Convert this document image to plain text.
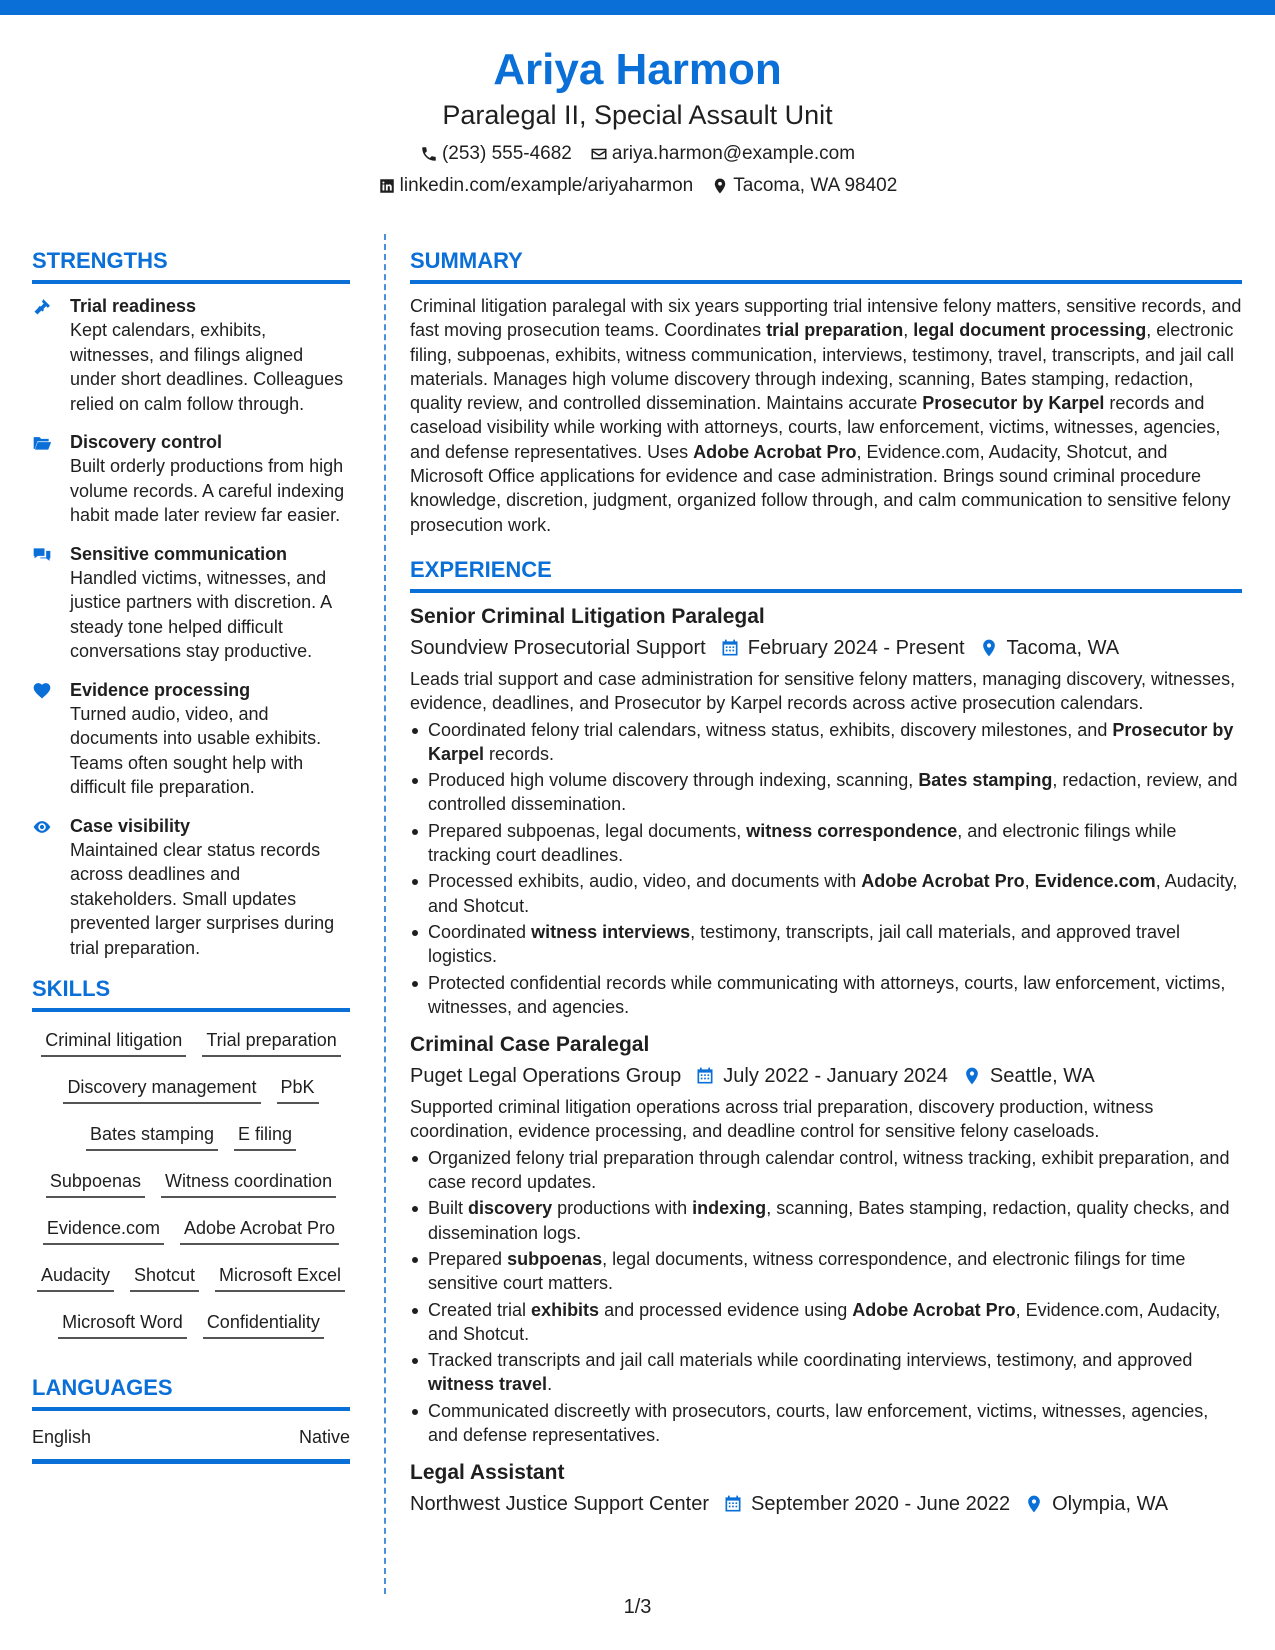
Ariya Harmon
Paralegal II, Special Assault Unit
(253) 555-4682 ariya.harmon@example.com
linkedin.com/example/ariyaharmon Tacoma, WA 98402
STRENGTHS
Trial readiness
Kept calendars, exhibits, witnesses, and filings aligned under short deadlines. Colleagues relied on calm follow through.
Discovery control
Built orderly productions from high volume records. A careful indexing habit made later review far easier.
Sensitive communication
Handled victims, witnesses, and justice partners with discretion. A steady tone helped difficult conversations stay productive.
Evidence processing
Turned audio, video, and documents into usable exhibits. Teams often sought help with difficult file preparation.
Case visibility
Maintained clear status records across deadlines and stakeholders. Small updates prevented larger surprises during trial preparation.
SKILLS
Criminal litigation Trial preparation
Discovery management PbK
Bates stamping E filing
Subpoenas Witness coordination
Evidence.com Adobe Acrobat Pro
Audacity Shotcut Microsoft Excel
Microsoft Word Confidentiality
LANGUAGES
English	Native
SUMMARY
Criminal litigation paralegal with six years supporting trial intensive felony matters, sensitive records, and fast moving prosecution teams. Coordinates trial preparation, legal document processing, electronic filing, subpoenas, exhibits, witness communication, interviews, testimony, travel, transcripts, and jail call materials. Manages high volume discovery through indexing, scanning, Bates stamping, redaction, quality review, and controlled dissemination. Maintains accurate Prosecutor by Karpel records and caseload visibility while working with attorneys, courts, law enforcement, victims, witnesses, agencies, and defense representatives. Uses Adobe Acrobat Pro, Evidence.com, Audacity, Shotcut, and Microsoft Office applications for evidence and case administration. Brings sound criminal procedure knowledge, discretion, judgment, organized follow through, and calm communication to sensitive felony prosecution work.
EXPERIENCE
Senior Criminal Litigation Paralegal
Soundview Prosecutorial Support February 2024 - Present Tacoma, WA
Leads trial support and case administration for sensitive felony matters, managing discovery, witnesses, evidence, deadlines, and Prosecutor by Karpel records across active prosecution calendars.
Coordinated felony trial calendars, witness status, exhibits, discovery milestones, and Prosecutor by Karpel records.
Produced high volume discovery through indexing, scanning, Bates stamping, redaction, review, and controlled dissemination.
Prepared subpoenas, legal documents, witness correspondence, and electronic filings while tracking court deadlines.
Processed exhibits, audio, video, and documents with Adobe Acrobat Pro, Evidence.com, Audacity, and Shotcut.
Coordinated witness interviews, testimony, transcripts, jail call materials, and approved travel logistics.
Protected confidential records while communicating with attorneys, courts, law enforcement, victims, witnesses, and agencies.
Criminal Case Paralegal
Puget Legal Operations Group July 2022 - January 2024 Seattle, WA
Supported criminal litigation operations across trial preparation, discovery production, witness coordination, evidence processing, and deadline control for sensitive felony caseloads.
Organized felony trial preparation through calendar control, witness tracking, exhibit preparation, and case record updates.
Built discovery productions with indexing, scanning, Bates stamping, redaction, quality checks, and dissemination logs.
Prepared subpoenas, legal documents, witness correspondence, and electronic filings for time sensitive court matters.
Created trial exhibits and processed evidence using Adobe Acrobat Pro, Evidence.com, Audacity, and Shotcut.
Tracked transcripts and jail call materials while coordinating interviews, testimony, and approved witness travel.
Communicated discreetly with prosecutors, courts, law enforcement, victims, witnesses, agencies, and defense representatives.
Legal Assistant
Northwest Justice Support Center September 2020 - June 2022 Olympia, WA
1/3
